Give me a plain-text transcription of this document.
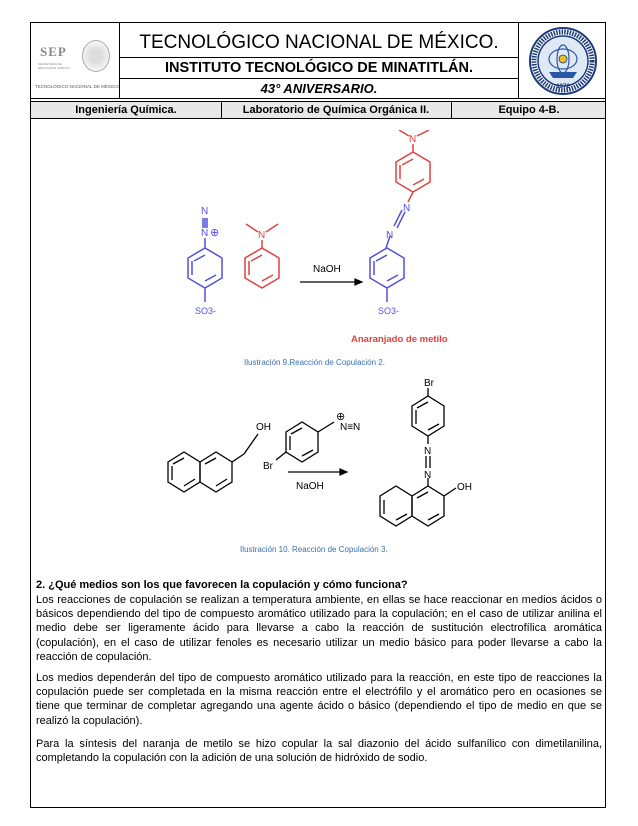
SEP
SECRETARÍA DE EDUCACIÓN PÚBLICA
TECNOLÓGICO NACIONAL DE MÉXICO
TECNOLÓGICO NACIONAL DE MÉXICO.
INSTITUTO TECNOLÓGICO DE MINATITLÁN.
43° ANIVERSARIO.	1972
Ingeniería Química.	Laboratorio de Química Orgánica II.	Equipo 4-B.
N
N ⊕
SO3-
N
NaOH
N
N
N
SO3-
Anaranjado de metilo
Ilustración 9.Reacción de Copulación 2.
OH
⊕
N≡N
Br
NaOH
Br
N
N
OH
Ilustración 10. Reacción de Copulación 3.
2. ¿Qué medios son los que favorecen la copulación y cómo funciona?
Los reacciones de copulación se realizan a temperatura ambiente, en ellas se hace reaccionar en medios ácidos o básicos dependiendo del tipo de compuesto aromático utilizado para la copulación; en el caso de utilizar anilina el medio debe ser ligeramente ácido para llevarse a cabo la reacción de sustitución electrofílica aromática (copulación), en el caso de utilizar fenoles es necesario utilizar un medio básico para poder llevarse a cabo la reacción de copulación.
Los medios dependerán del tipo de compuesto aromático utilizado para la reacción, en este tipo de reacciones la copulación puede ser completada en la misma reacción entre el electrófilo y el aromático pero en ocasiones se tiene que terminar de completar agregando una agente ácido o básico (dependiendo el tipo de medio en que se realizó la copulación).
Para la síntesis del naranja de metilo se hizo copular la sal diazonio del ácido sulfanílico con dimetilanilina, completando la copulación con la adición de una solución de hidróxido de sodio.
